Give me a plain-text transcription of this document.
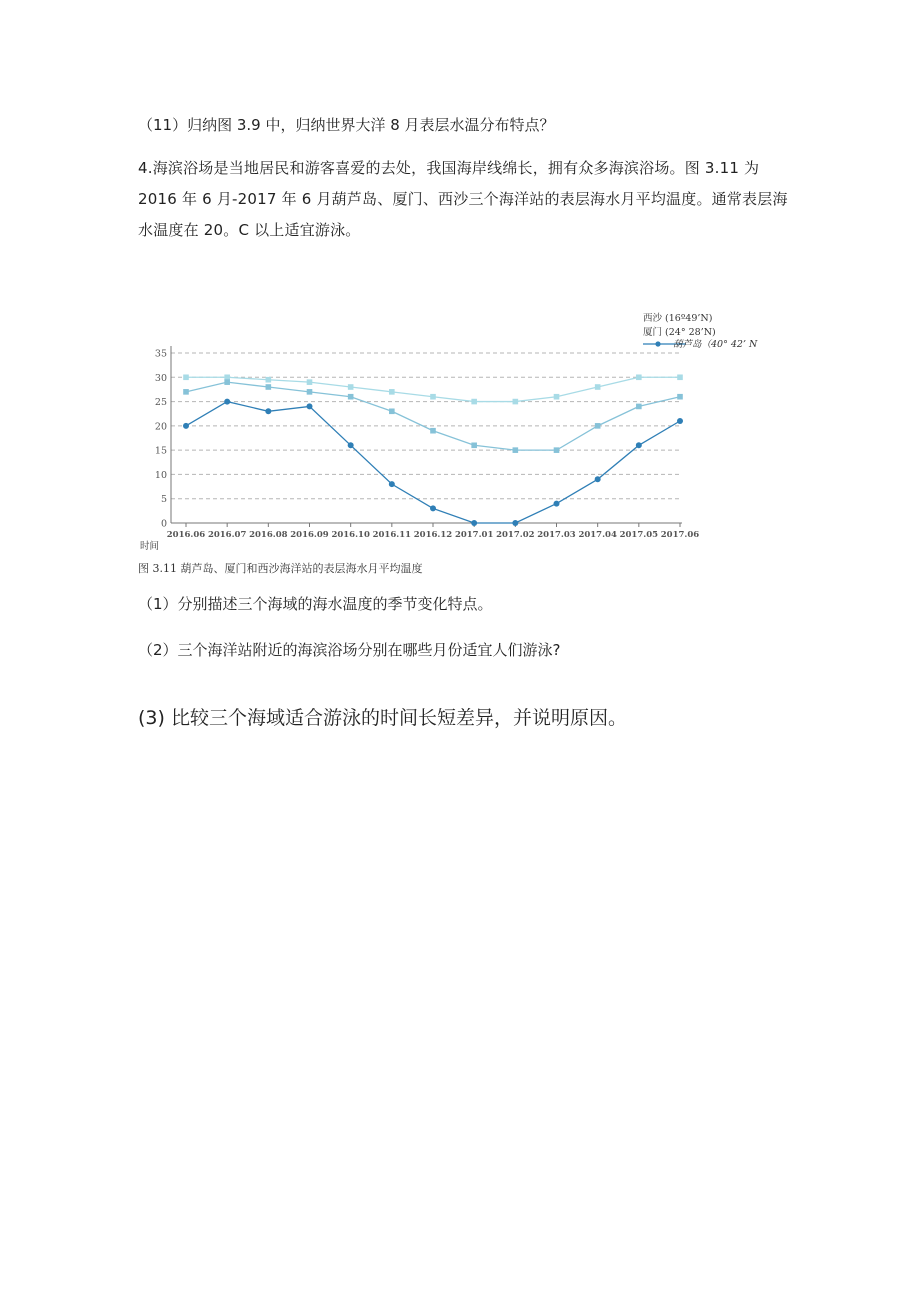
（11）归纳图 3.9 中，归纳世界大洋 8 月表层水温分布特点？
4.海滨浴场是当地居民和游客喜爱的去处，我国海岸线绵长，拥有众多海滨浴场。图 3.11 为 2016 年 6 月-2017 年 6 月葫芦岛、厦门、西沙三个海洋站的表层海水月平均温度。通常表层海水温度在 20。C 以上适宜游泳。
0
5
10
15
20
25
30
35
2016.06 2016.07 2016.08 2016.09 2016.10 2016.11 2016.12 2017.01 2017.02 2017.03 2017.04 2017.05 2017.06
西沙 (16º49’N)
厦门 (24° 28’N)
葫芦岛（40° 42’ N
时间
图 3.11 葫芦岛、厦门和西沙海洋站的表层海水月平均温度
（1）分别描述三个海域的海水温度的季节变化特点。
（2）三个海洋站附近的海滨浴场分别在哪些月份适宜人们游泳?
(3) 比较三个海域适合游泳的时间长短差异，并说明原因。
